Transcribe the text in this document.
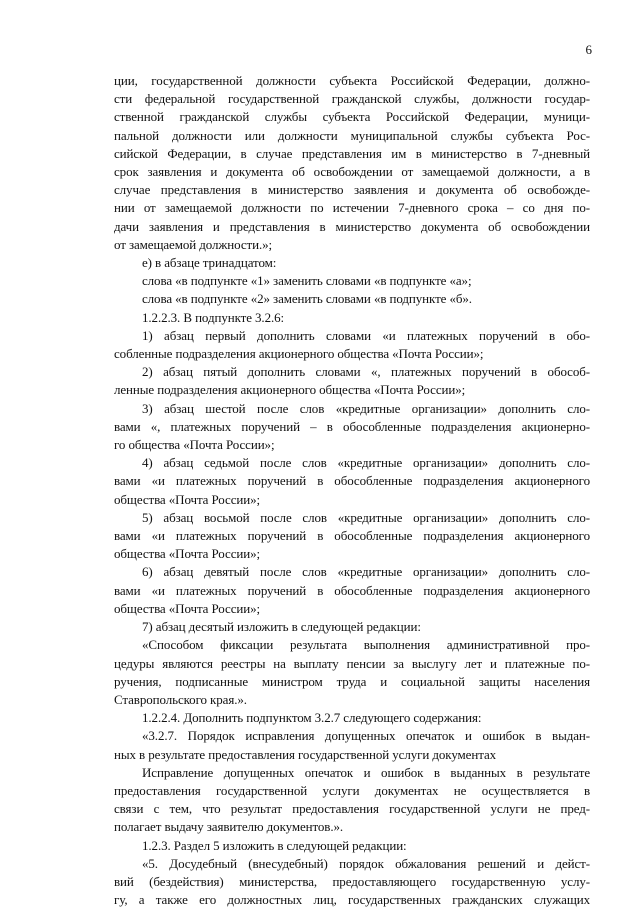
6
ции, государственной должности субъекта Российской Федерации, должно-
сти федеральной государственной гражданской службы, должности государ-
ственной гражданской службы субъекта Российской Федерации, муници-
пальной должности или должности муниципальной службы субъекта Рос-
сийской Федерации, в случае представления им в министерство в 7-дневный
срок заявления и документа об освобождении от замещаемой должности, а в
случае представления в министерство заявления и документа об освобожде-
нии от замещаемой должности по истечении 7-дневного срока – со дня по-
дачи заявления и представления в министерство документа об освобождении
от замещаемой должности.»;
е) в абзаце тринадцатом:
слова «в подпункте «1» заменить словами «в подпункте «а»;
слова «в подпункте «2» заменить словами «в подпункте «б».
1.2.2.3. В подпункте 3.2.6:
1) абзац первый дополнить словами «и платежных поручений в обо-
собленные подразделения акционерного общества «Почта России»;
2) абзац пятый дополнить словами «, платежных поручений в обособ-
ленные подразделения акционерного общества «Почта России»;
3) абзац шестой после слов «кредитные организации» дополнить сло-
вами «, платежных поручений – в обособленные подразделения акционерно-
го общества «Почта России»;
4) абзац седьмой после слов «кредитные организации» дополнить сло-
вами «и платежных поручений в обособленные подразделения акционерного
общества «Почта России»;
5) абзац восьмой после слов «кредитные организации» дополнить сло-
вами «и платежных поручений в обособленные подразделения акционерного
общества «Почта России»;
6) абзац девятый после слов «кредитные организации» дополнить сло-
вами «и платежных поручений в обособленные подразделения акционерного
общества «Почта России»;
7) абзац десятый изложить в следующей редакции:
«Способом фиксации результата выполнения административной про-
цедуры являются реестры на выплату пенсии за выслугу лет и платежные по-
ручения, подписанные министром труда и социальной защиты населения
Ставропольского края.».
1.2.2.4. Дополнить подпунктом 3.2.7 следующего содержания:
«3.2.7. Порядок исправления допущенных опечаток и ошибок в выдан-
ных в результате предоставления государственной услуги документах
Исправление допущенных опечаток и ошибок в выданных в результате
предоставления государственной услуги документах не осуществляется в
связи с тем, что результат предоставления государственной услуги не пред-
полагает выдачу заявителю документов.».
1.2.3. Раздел 5 изложить в следующей редакции:
«5. Досудебный (внесудебный) порядок обжалования решений и дейст-
вий (бездействия) министерства, предоставляющего государственную услу-
гу, а также его должностных лиц, государственных гражданских служащих
